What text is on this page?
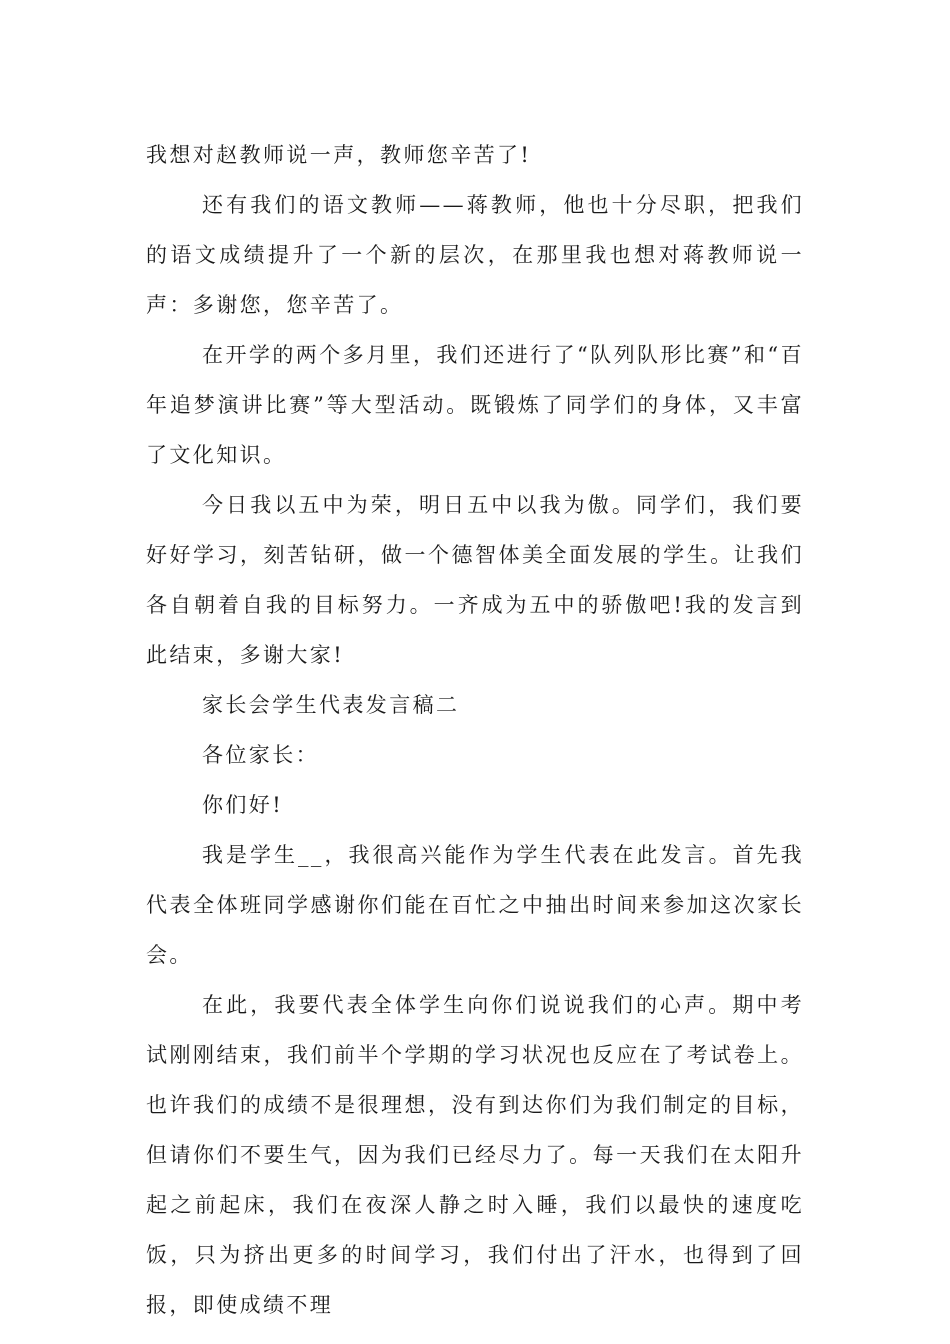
我想对赵教师说一声，教师您辛苦了!

还有我们的语文教师——蒋教师，他也十分尽职，把我们的语文成绩提升了一个新的层次，在那里我也想对蒋教师说一声：多谢您，您辛苦了。

在开学的两个多月里，我们还进行了“队列队形比赛”和“百年追梦演讲比赛”等大型活动。既锻炼了同学们的身体，又丰富了文化知识。

今日我以五中为荣，明日五中以我为傲。同学们，我们要好好学习，刻苦钻研，做一个德智体美全面发展的学生。让我们各自朝着自我的目标努力。一齐成为五中的骄傲吧!我的发言到此结束，多谢大家!

家长会学生代表发言稿二

各位家长：

你们好!

我是学生__，我很高兴能作为学生代表在此发言。首先我代表全体班同学感谢你们能在百忙之中抽出时间来参加这次家长会。

在此，我要代表全体学生向你们说说我们的心声。期中考试刚刚结束，我们前半个学期的学习状况也反应在了考试卷上。也许我们的成绩不是很理想，没有到达你们为我们制定的目标，但请你们不要生气，因为我们已经尽力了。每一天我们在太阳升起之前起床，我们在夜深人静之时入睡，我们以最快的速度吃饭，只为挤出更多的时间学习，我们付出了汗水，也得到了回报，即使成绩不理
